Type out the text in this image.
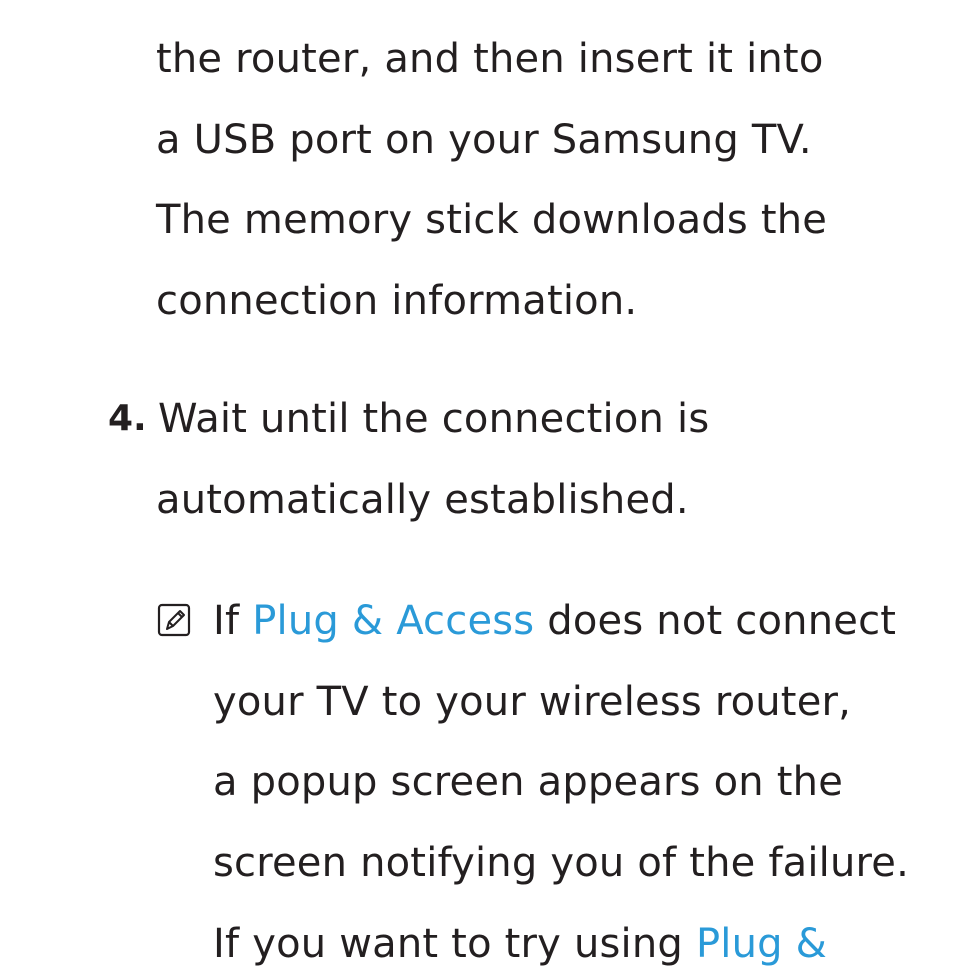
the router, and then insert it into
a USB port on your Samsung TV.
The memory stick downloads the
connection information.
4. Wait until the connection is
automatically established.
If Plug & Access does not connect
your TV to your wireless router,
a popup screen appears on the
screen notifying you of the failure.
If you want to try using Plug &
